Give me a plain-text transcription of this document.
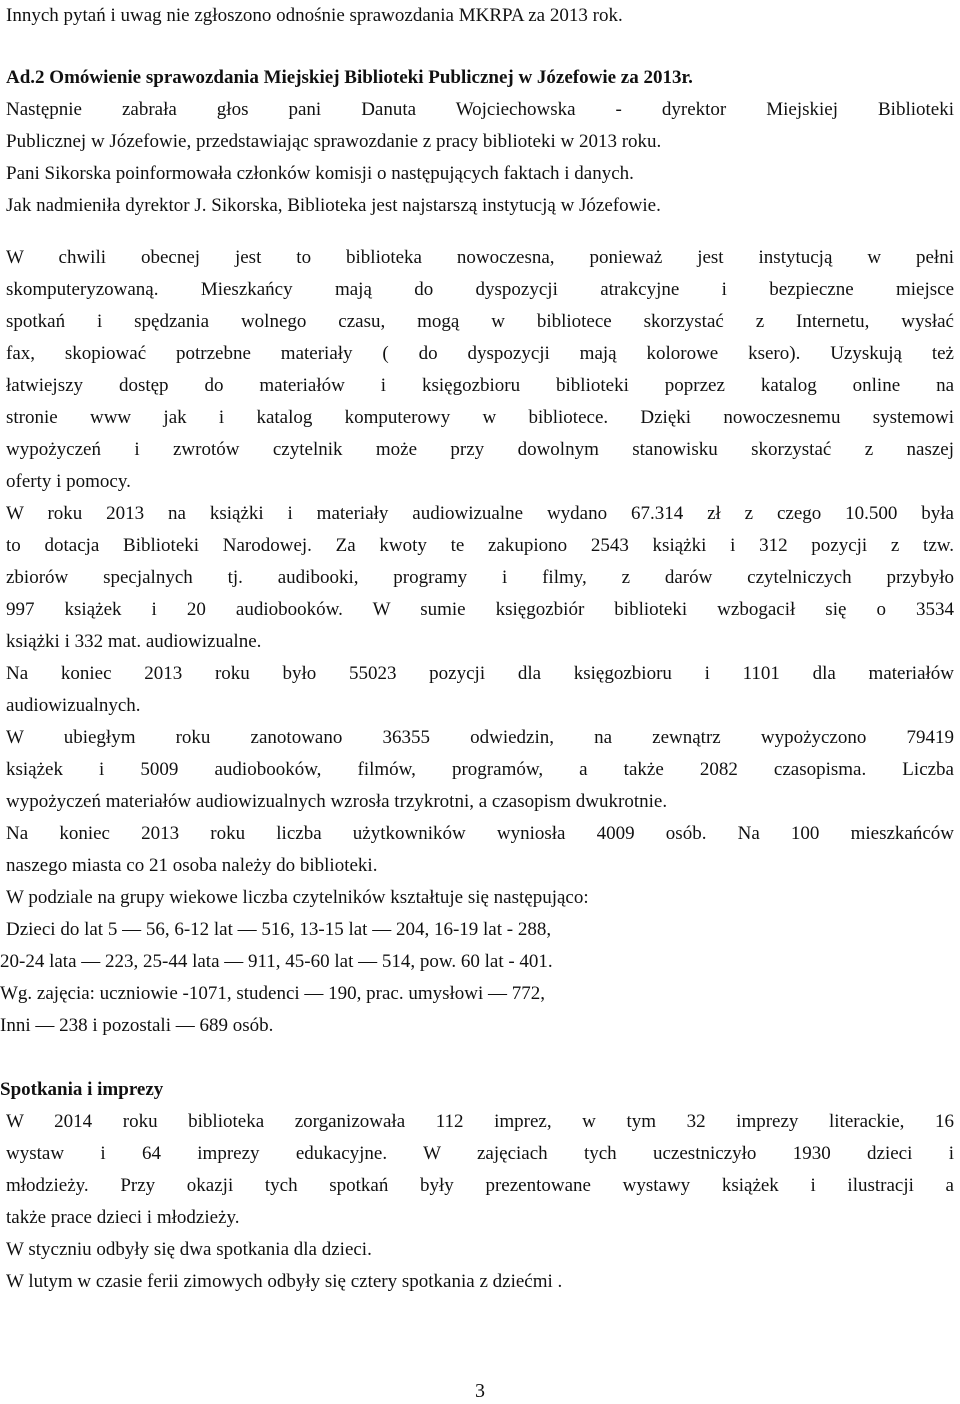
Innych pytań i uwag nie zgłoszono odnośnie sprawozdania MKRPA za 2013 rok.
Ad.2 Omówienie sprawozdania Miejskiej Biblioteki Publicznej w Józefowie za 2013r.
Następnie zabrała głos pani Danuta Wojciechowska - dyrektor Miejskiej Biblioteki
Publicznej w Józefowie, przedstawiając sprawozdanie z pracy biblioteki w 2013 roku.
Pani Sikorska poinformowała członków komisji o następujących faktach i danych.
Jak nadmieniła dyrektor J. Sikorska, Biblioteka jest najstarszą instytucją w Józefowie.
W chwili obecnej jest to biblioteka nowoczesna, ponieważ jest instytucją w pełni
skomputeryzowaną. Mieszkańcy mają do dyspozycji atrakcyjne i bezpieczne miejsce
spotkań i spędzania wolnego czasu, mogą w bibliotece skorzystać z Internetu, wysłać
fax, skopiować potrzebne materiały ( do dyspozycji mają kolorowe ksero). Uzyskują też
łatwiejszy dostęp do materiałów i księgozbioru biblioteki poprzez katalog online na
stronie www jak i katalog komputerowy w bibliotece. Dzięki nowoczesnemu systemowi
wypożyczeń i zwrotów czytelnik może przy dowolnym stanowisku skorzystać z naszej
oferty i pomocy.
W roku 2013 na książki i materiały audiowizualne wydano 67.314 zł z czego 10.500 była
to dotacja Biblioteki Narodowej. Za kwoty te zakupiono 2543 książki i 312 pozycji z tzw.
zbiorów specjalnych tj. audibooki, programy i filmy, z darów czytelniczych przybyło
997 książek i 20 audiobooków. W sumie księgozbiór biblioteki wzbogacił się o 3534
książki i 332 mat. audiowizualne.
Na koniec 2013 roku było 55023 pozycji dla księgozbioru i 1101 dla materiałów
audiowizualnych.
W ubiegłym roku zanotowano 36355 odwiedzin, na zewnątrz wypożyczono 79419
książek i 5009 audiobooków, filmów, programów, a także 2082 czasopisma. Liczba
wypożyczeń materiałów audiowizualnych wzrosła trzykrotni, a czasopism dwukrotnie.
Na koniec 2013 roku liczba użytkowników wyniosła 4009 osób. Na 100 mieszkańców
naszego miasta co 21 osoba należy do biblioteki.
W podziale na grupy wiekowe liczba czytelników kształtuje się następująco:
Dzieci do lat 5 — 56, 6-12 lat — 516, 13-15 lat — 204, 16-19 lat - 288,
20-24 lata — 223, 25-44 lata — 911, 45-60 lat — 514, pow. 60 lat - 401.
Wg. zajęcia: uczniowie -1071, studenci — 190, prac. umysłowi — 772,
Inni — 238 i pozostali — 689 osób.
Spotkania i imprezy
W 2014 roku biblioteka zorganizowała 112 imprez, w tym 32 imprezy literackie, 16
wystaw i 64 imprezy edukacyjne. W zajęciach tych uczestniczyło 1930 dzieci i
młodzieży. Przy okazji tych spotkań były prezentowane wystawy książek i ilustracji a
także prace dzieci i młodzieży.
W styczniu odbyły się dwa spotkania dla dzieci.
W lutym w czasie ferii zimowych odbyły się cztery spotkania z dziećmi .
3
